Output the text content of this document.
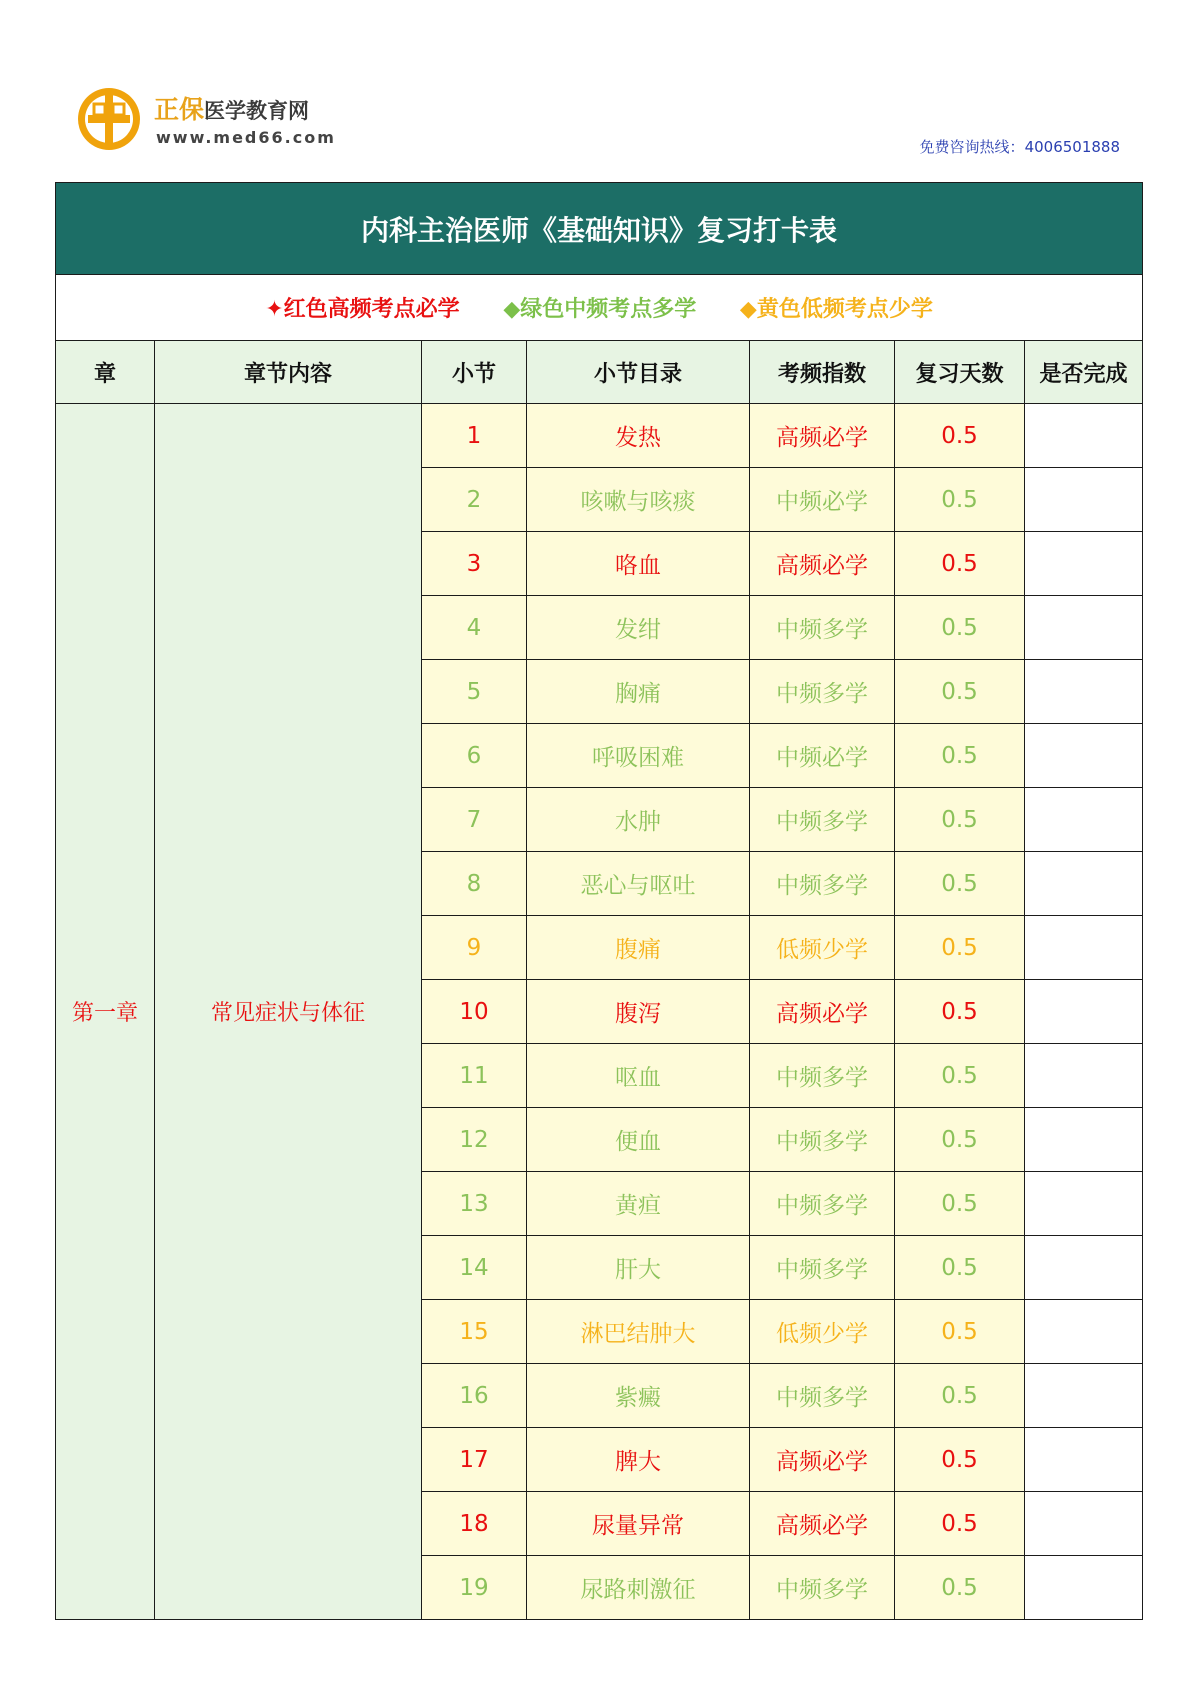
正保医学教育网
www.med66.com	免费咨询热线：4006501888
内科主治医师《基础知识》复习打卡表						
✦红色高频考点必学 ◆绿色中频考点多学 ◆黄色低频考点少学						
章	章节内容	小节	小节目录	考频指数	复习天数	是否完成
第一章	常见症状与体征	1	发热	高频必学	0.5	
		2	咳嗽与咳痰	中频必学	0.5	
		3	咯血	高频必学	0.5	
		4	发绀	中频多学	0.5	
		5	胸痛	中频多学	0.5	
		6	呼吸困难	中频必学	0.5	
		7	水肿	中频多学	0.5	
		8	恶心与呕吐	中频多学	0.5	
		9	腹痛	低频少学	0.5	
		10	腹泻	高频必学	0.5	
		11	呕血	中频多学	0.5	
		12	便血	中频多学	0.5	
		13	黄疸	中频多学	0.5	
		14	肝大	中频多学	0.5	
		15	淋巴结肿大	低频少学	0.5	
		16	紫癜	中频多学	0.5	
		17	脾大	高频必学	0.5	
		18	尿量异常	高频必学	0.5	
		19	尿路刺激征	中频多学	0.5	
